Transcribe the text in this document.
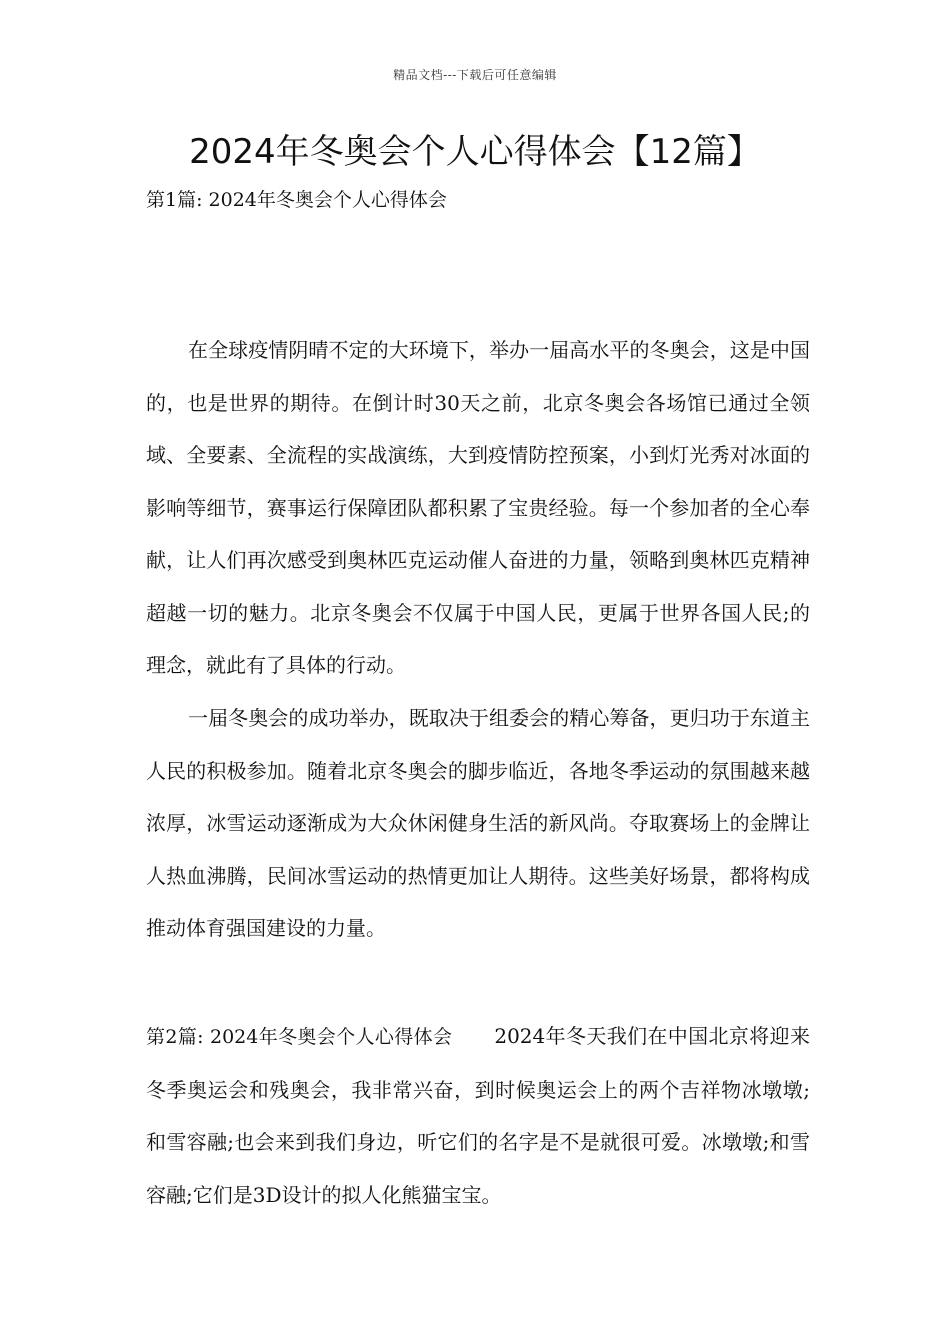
精品文档---下载后可任意编辑
2024年冬奥会个人心得体会【12篇】
第1篇: 2024年冬奥会个人心得体会

在全球疫情阴晴不定的大环境下，举办一届高水平的冬奥会，这是中国的，也是世界的期待。在倒计时30天之前，北京冬奥会各场馆已通过全领域、全要素、全流程的实战演练，大到疫情防控预案，小到灯光秀对冰面的影响等细节，赛事运行保障团队都积累了宝贵经验。每一个参加者的全心奉献，让人们再次感受到奥林匹克运动催人奋进的力量，领略到奥林匹克精神超越一切的魅力。北京冬奥会不仅属于中国人民，更属于世界各国人民;的理念，就此有了具体的行动。

一届冬奥会的成功举办，既取决于组委会的精心筹备，更归功于东道主人民的积极参加。随着北京冬奥会的脚步临近，各地冬季运动的氛围越来越浓厚，冰雪运动逐渐成为大众休闲健身生活的新风尚。夺取赛场上的金牌让人热血沸腾，民间冰雪运动的热情更加让人期待。这些美好场景，都将构成推动体育强国建设的力量。

第2篇: 2024年冬奥会个人心得体会 2024年冬天我们在中国北京将迎来冬季奥运会和残奥会，我非常兴奋，到时候奥运会上的两个吉祥物冰墩墩;和雪容融;也会来到我们身边，听它们的名字是不是就很可爱。冰墩墩;和雪容融;它们是3D设计的拟人化熊猫宝宝。
